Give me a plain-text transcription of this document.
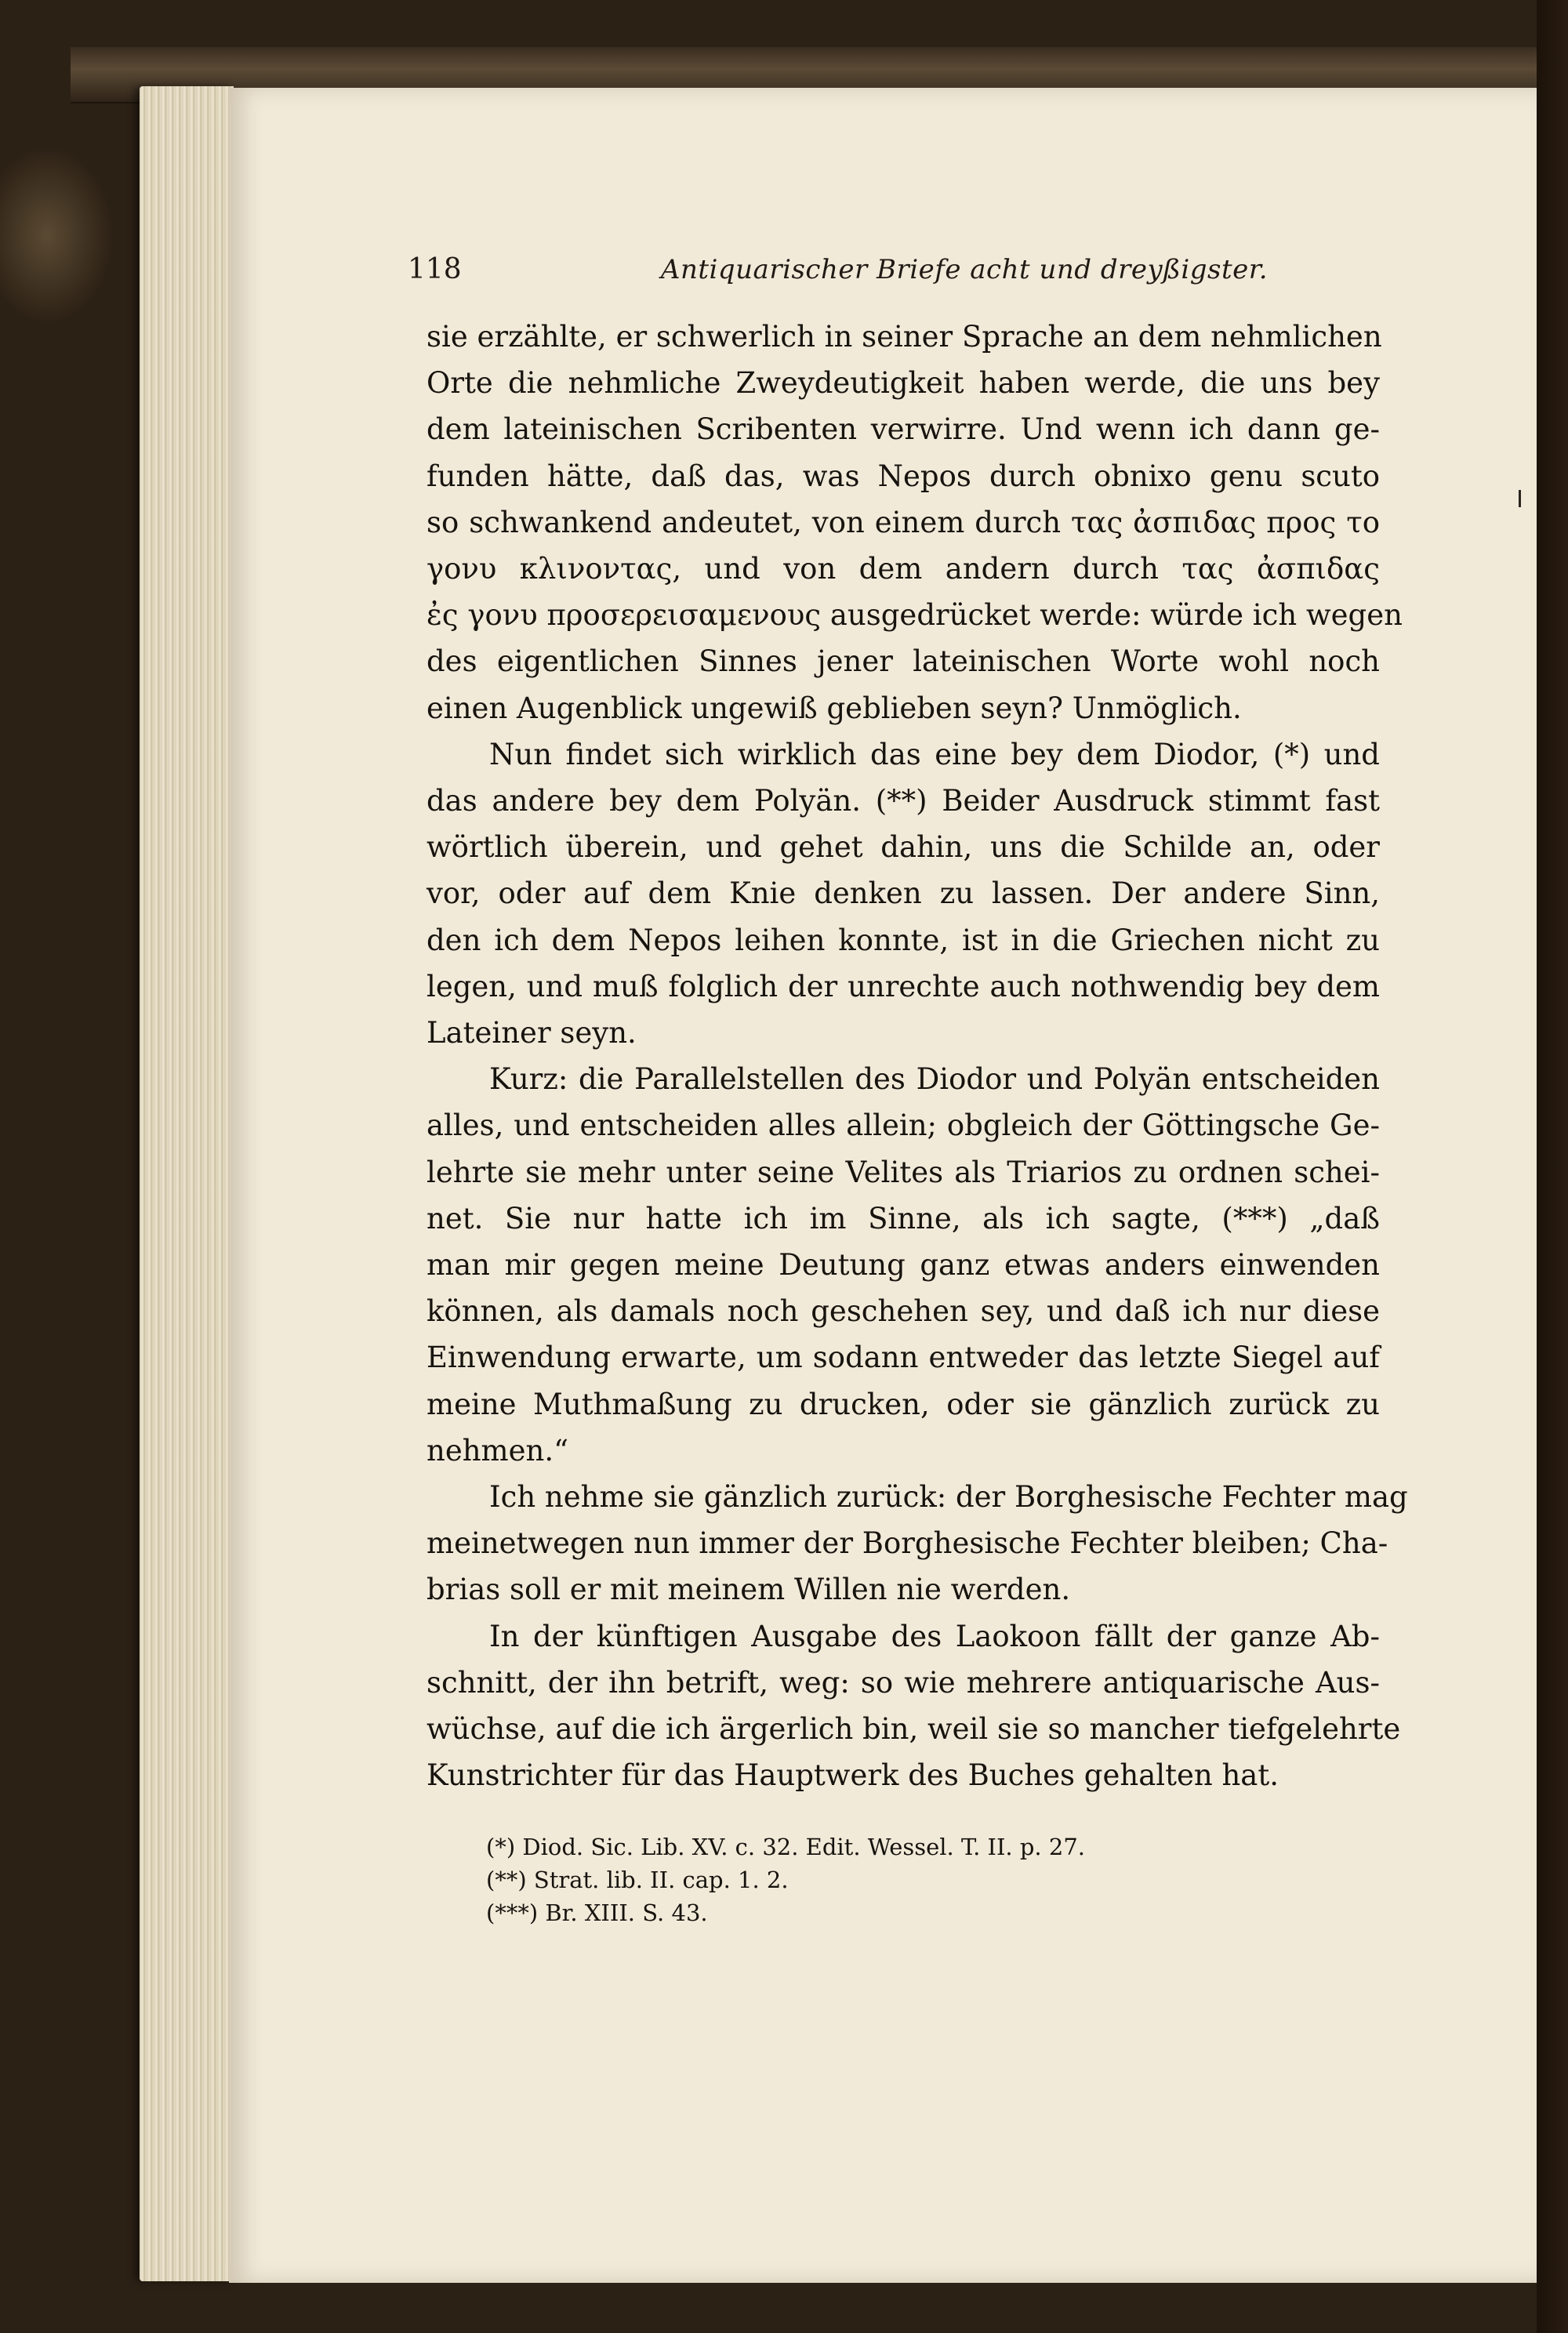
118	Antiquarischer Briefe acht und dreyßigster.
sie erzählte, er schwerlich in seiner Sprache an dem nehmlichen
Orte die nehmliche Zweydeutigkeit haben werde, die uns bey
dem lateinischen Scribenten verwirre. Und wenn ich dann ge-
funden hätte, daß das, was Nepos durch obnixo genu scuto
so schwankend andeutet, von einem durch τας ἀσπιδας προς το
γονυ κλινοντας, und von dem andern durch τας ἀσπιδας
ἐς γονυ προσερεισαμενους ausgedrücket werde: würde ich wegen
des eigentlichen Sinnes jener lateinischen Worte wohl noch
einen Augenblick ungewiß geblieben seyn? Unmöglich.
Nun findet sich wirklich das eine bey dem Diodor, (*) und
das andere bey dem Polyän. (**) Beider Ausdruck stimmt fast
wörtlich überein, und gehet dahin, uns die Schilde an, oder
vor, oder auf dem Knie denken zu lassen. Der andere Sinn,
den ich dem Nepos leihen konnte, ist in die Griechen nicht zu
legen, und muß folglich der unrechte auch nothwendig bey dem
Lateiner seyn.
Kurz: die Parallelstellen des Diodor und Polyän entscheiden
alles, und entscheiden alles allein; obgleich der Göttingsche Ge-
lehrte sie mehr unter seine Velites als Triarios zu ordnen schei-
net. Sie nur hatte ich im Sinne, als ich sagte, (***) „daß
man mir gegen meine Deutung ganz etwas anders einwenden
können, als damals noch geschehen sey, und daß ich nur diese
Einwendung erwarte, um sodann entweder das letzte Siegel auf
meine Muthmaßung zu drucken, oder sie gänzlich zurück zu
nehmen.“
Ich nehme sie gänzlich zurück: der Borghesische Fechter mag
meinetwegen nun immer der Borghesische Fechter bleiben; Cha-
brias soll er mit meinem Willen nie werden.
In der künftigen Ausgabe des Laokoon fällt der ganze Ab-
schnitt, der ihn betrift, weg: so wie mehrere antiquarische Aus-
wüchse, auf die ich ärgerlich bin, weil sie so mancher tiefgelehrte
Kunstrichter für das Hauptwerk des Buches gehalten hat.
(*) Diod. Sic. Lib. XV. c. 32. Edit. Wessel. T. II. p. 27.
(**) Strat. lib. II. cap. 1. 2.
(***) Br. XIII. S. 43.
